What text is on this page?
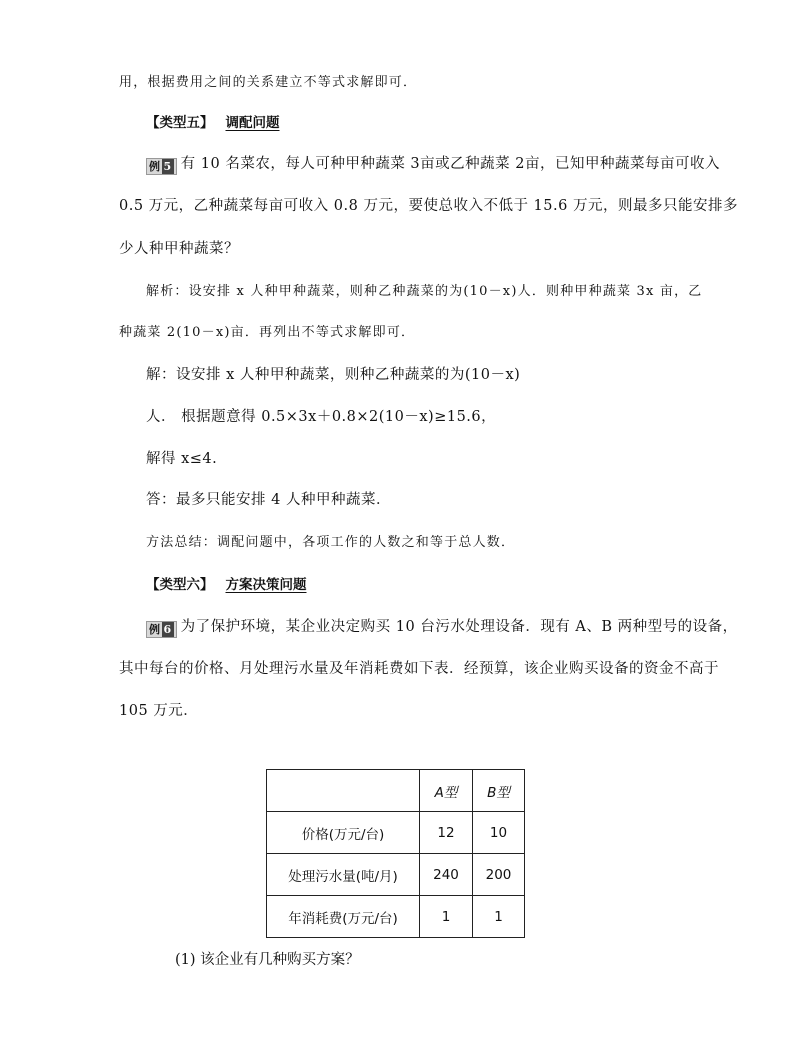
用，根据费用之间的关系建立不等式求解即可．
【类型五】 调配问题
例 5 有 10 名菜农，每人可种甲种蔬菜 3亩或乙种蔬菜 2亩，已知甲种蔬菜每亩可收入
0.5 万元，乙种蔬菜每亩可收入 0.8 万元，要使总收入不低于 15.6 万元，则最多只能安排多
少人种甲种蔬菜？
解析：设安排 x 人种甲种蔬菜，则种乙种蔬菜的为(10－x)人．则种甲种蔬菜 3x 亩，乙
种蔬菜 2(10－x)亩．再列出不等式求解即可．
解：设安排 x 人种甲种蔬菜，则种乙种蔬菜的为(10－x)
人． 根据题意得 0.5×3x＋0.8×2(10－x)≥15.6，
解得 x≤4.
答：最多只能安排 4 人种甲种蔬菜．
方法总结：调配问题中，各项工作的人数之和等于总人数．
【类型六】 方案决策问题
例 6 为了保护环境，某企业决定购买 10 台污水处理设备．现有 A、B 两种型号的设备，
其中每台的价格、月处理污水量及年消耗费如下表．经预算，该企业购买设备的资金不高于
105 万元．
	A型	B型
价格(万元/台)	12	10
处理污水量(吨/月)	240	200
年消耗费(万元/台)	1	1
(1) 该企业有几种购买方案？
